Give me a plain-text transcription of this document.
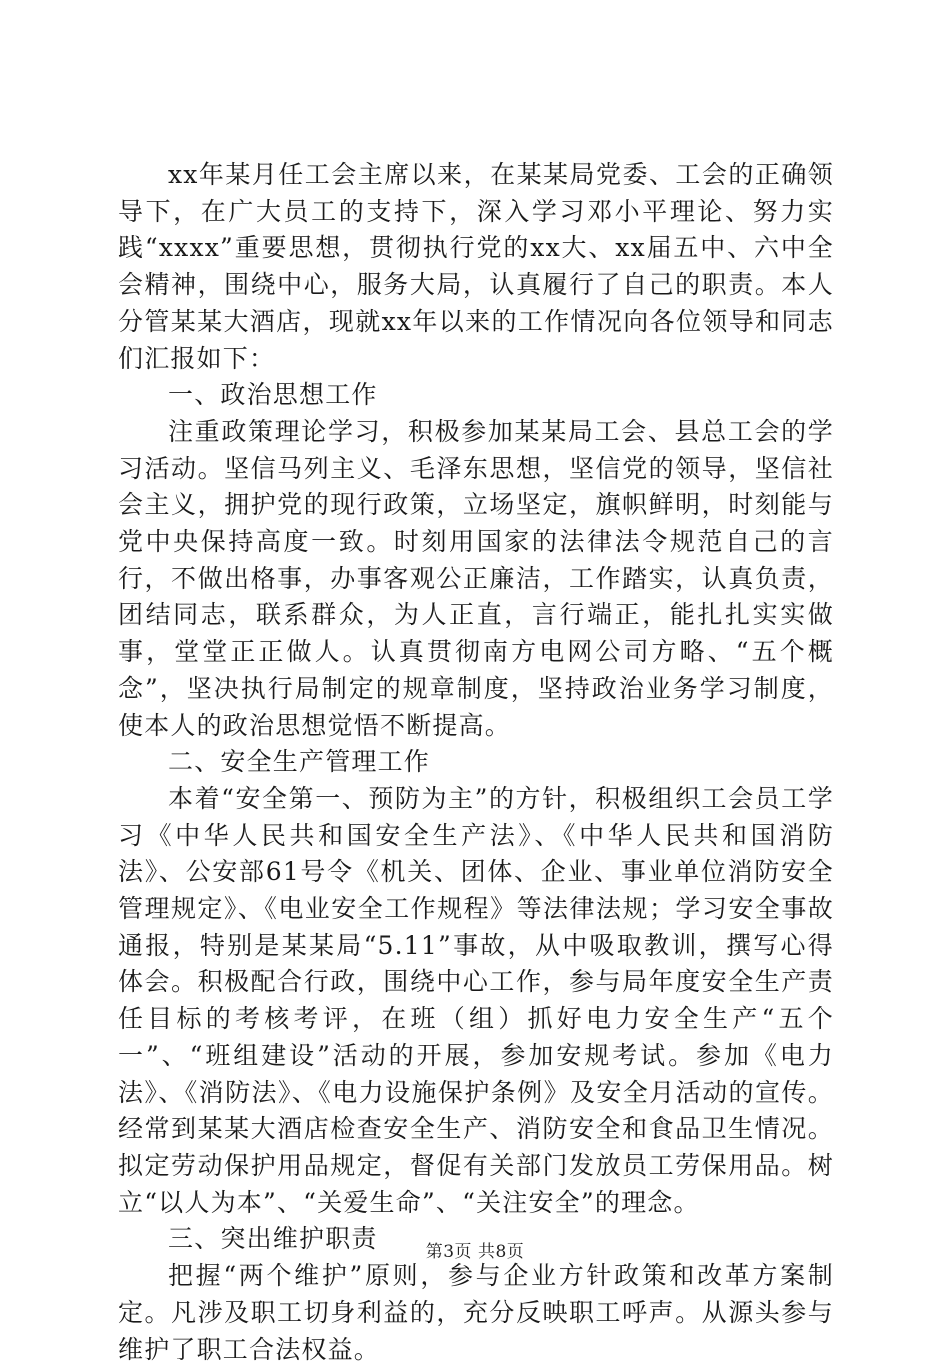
xx年某月任工会主席以来，在某某局党委、工会的正确领导下，在广大员工的支持下，深入学习邓小平理论、努力实践“xxxx”重要思想，贯彻执行党的xx大、xx届五中、六中全会精神，围绕中心，服务大局，认真履行了自己的职责。本人分管某某大酒店，现就xx年以来的工作情况向各位领导和同志们汇报如下：

一、政治思想工作

注重政策理论学习，积极参加某某局工会、县总工会的学习活动。坚信马列主义、毛泽东思想，坚信党的领导，坚信社会主义，拥护党的现行政策，立场坚定，旗帜鲜明，时刻能与党中央保持高度一致。时刻用国家的法律法令规范自己的言行，不做出格事，办事客观公正廉洁，工作踏实，认真负责，团结同志，联系群众，为人正直，言行端正，能扎扎实实做事，堂堂正正做人。认真贯彻南方电网公司方略、“五个概念”，坚决执行局制定的规章制度，坚持政治业务学习制度，使本人的政治思想觉悟不断提高。

二、安全生产管理工作

本着“安全第一、预防为主”的方针，积极组织工会员工学习《中华人民共和国安全生产法》、《中华人民共和国消防法》、公安部61号令《机关、团体、企业、事业单位消防安全管理规定》、《电业安全工作规程》等法律法规；学习安全事故通报，特别是某某局“5.11”事故，从中吸取教训，撰写心得体会。积极配合行政，围绕中心工作，参与局年度安全生产责任目标的考核考评，在班（组）抓好电力安全生产“五个一”、“班组建设”活动的开展，参加安规考试。参加《电力法》、《消防法》、《电力设施保护条例》及安全月活动的宣传。经常到某某大酒店检查安全生产、消防安全和食品卫生情况。拟定劳动保护用品规定，督促有关部门发放员工劳保用品。树立“以人为本”、“关爱生命”、“关注安全”的理念。

三、突出维护职责

把握“两个维护”原则，参与企业方针政策和改革方案制定。凡涉及职工切身利益的，充分反映职工呼声。从源头参与维护了职工合法权益。

第3页 共8页
